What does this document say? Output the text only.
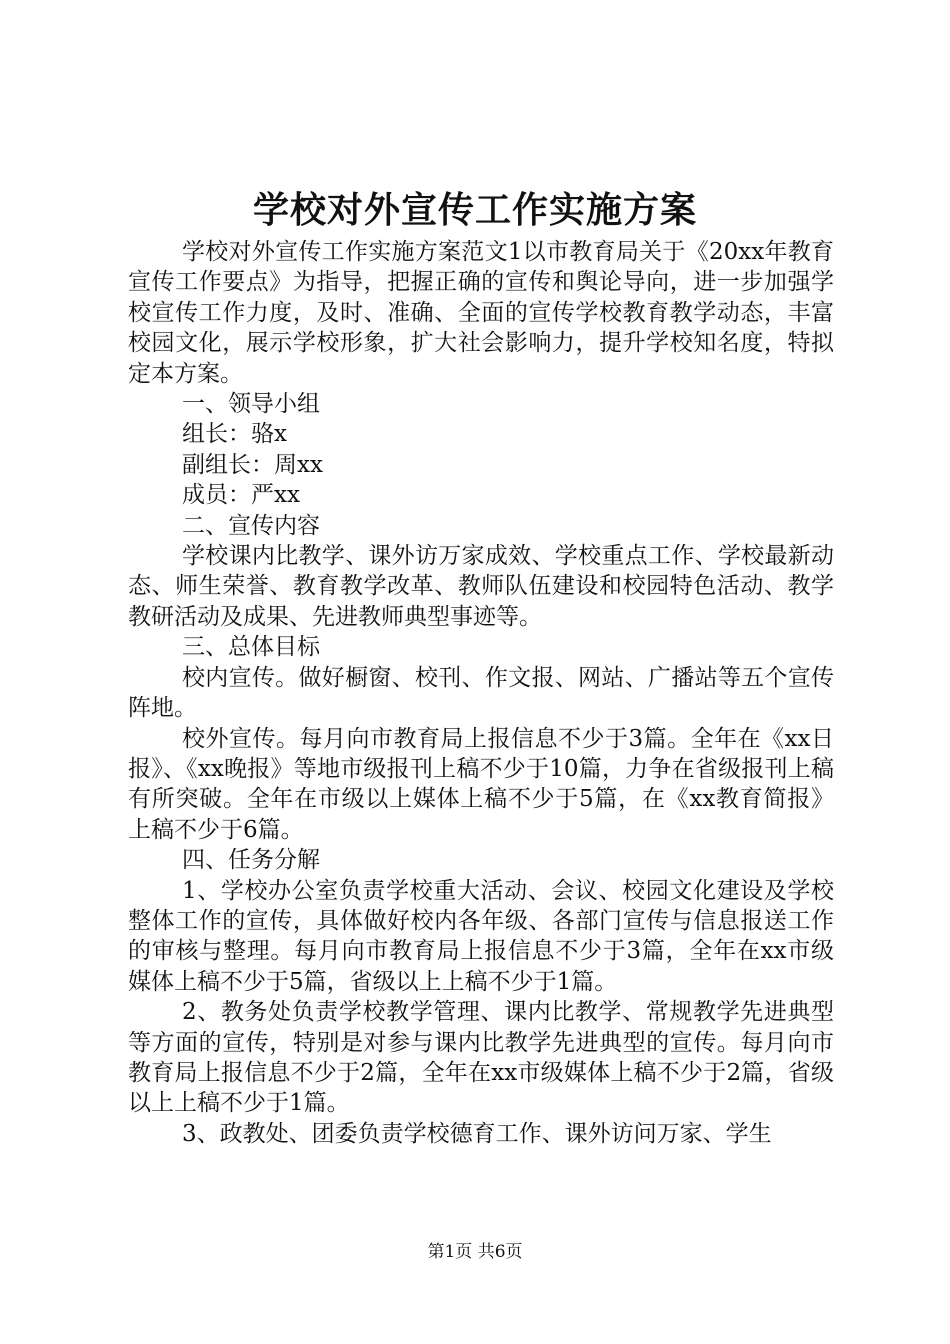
学校对外宣传工作实施方案

学校对外宣传工作实施方案范文1以市教育局关于《20xx年教育宣传工作要点》为指导，把握正确的宣传和舆论导向，进一步加强学校宣传工作力度，及时、准确、全面的宣传学校教育教学动态，丰富校园文化，展示学校形象，扩大社会影响力，提升学校知名度，特拟定本方案。

一、领导小组

组长：骆x

副组长：周xx

成员：严xx

二、宣传内容

学校课内比教学、课外访万家成效、学校重点工作、学校最新动态、师生荣誉、教育教学改革、教师队伍建设和校园特色活动、教学教研活动及成果、先进教师典型事迹等。

三、总体目标

校内宣传。做好橱窗、校刊、作文报、网站、广播站等五个宣传阵地。

校外宣传。每月向市教育局上报信息不少于3篇。全年在《xx日报》、《xx晚报》等地市级报刊上稿不少于10篇，力争在省级报刊上稿有所突破。全年在市级以上媒体上稿不少于5篇，在《xx教育简报》上稿不少于6篇。

四、任务分解

1、学校办公室负责学校重大活动、会议、校园文化建设及学校整体工作的宣传，具体做好校内各年级、各部门宣传与信息报送工作的审核与整理。每月向市教育局上报信息不少于3篇，全年在xx市级媒体上稿不少于5篇，省级以上上稿不少于1篇。

2、教务处负责学校教学管理、课内比教学、常规教学先进典型等方面的宣传，特别是对参与课内比教学先进典型的宣传。每月向市教育局上报信息不少于2篇，全年在xx市级媒体上稿不少于2篇，省级以上上稿不少于1篇。

3、政教处、团委负责学校德育工作、课外访问万家、学生

第1页 共6页
